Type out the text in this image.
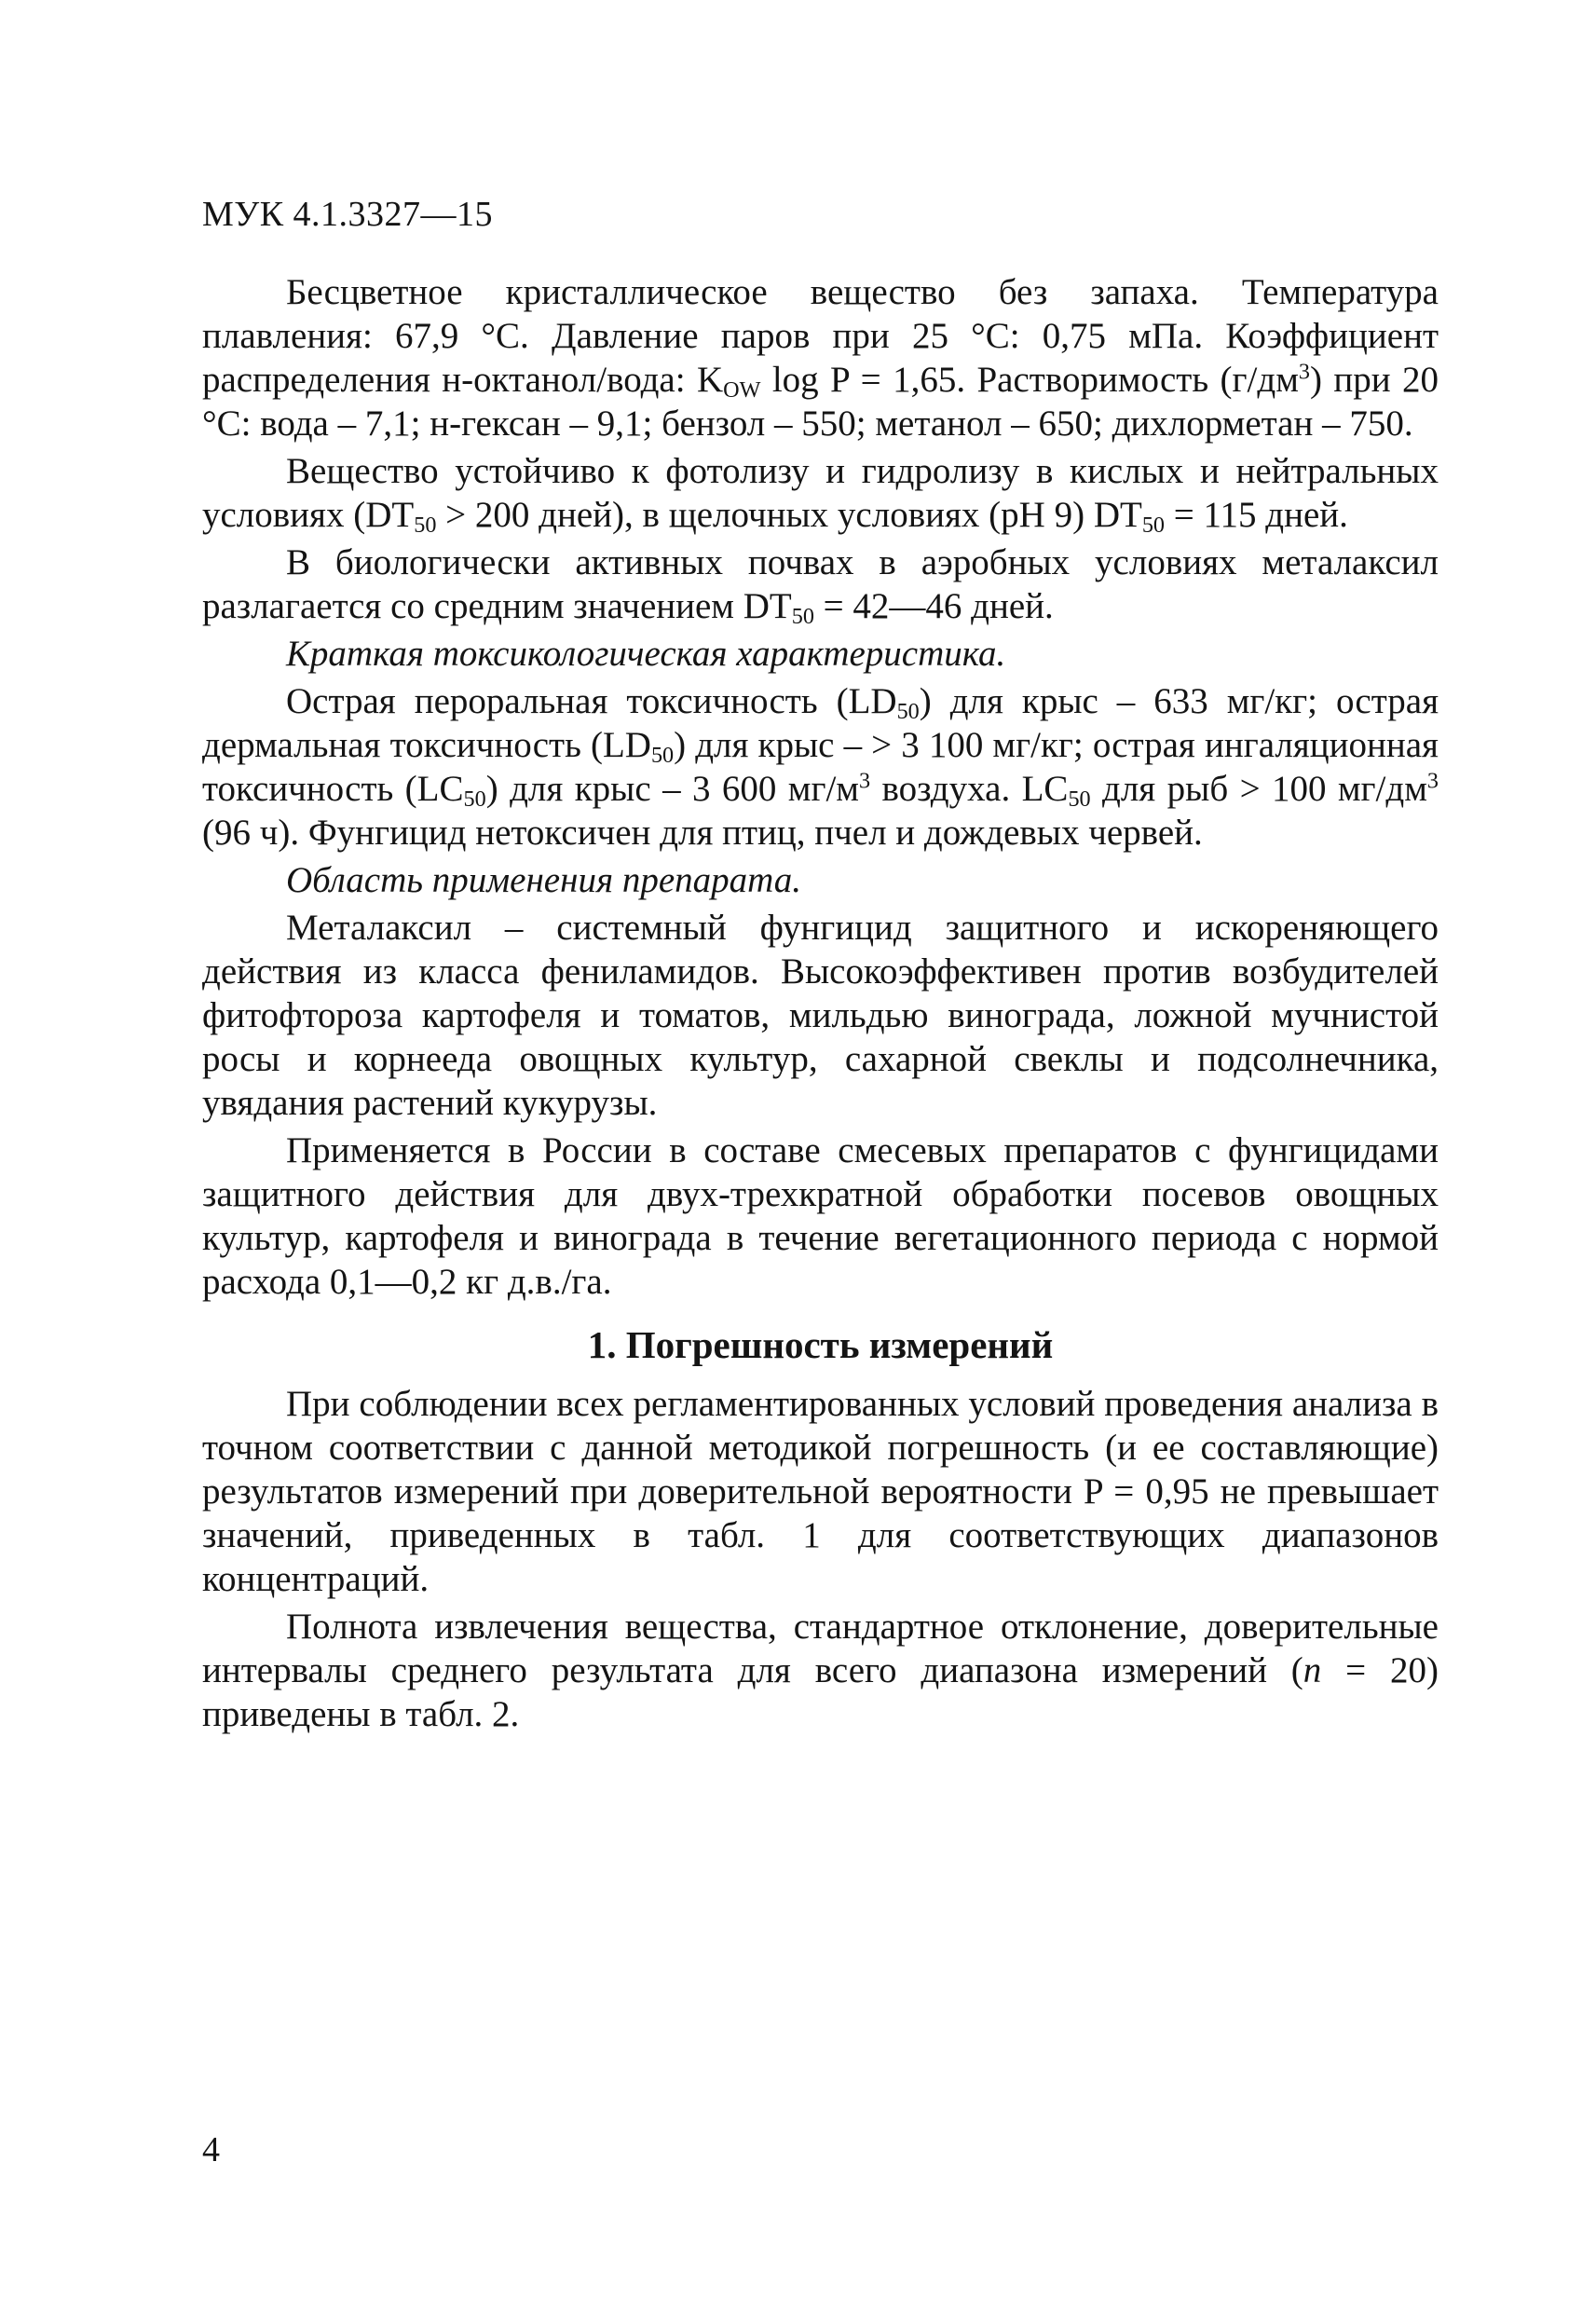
МУК 4.1.3327—15

Бесцветное кристаллическое вещество без запаха. Температура плавления: 67,9 °С. Давление паров при 25 °С: 0,75 мПа. Коэффициент распределения н-октанол/вода: $K_{OW}$ log P = 1,65. Растворимость $(г/дм^3)$ при 20 °С: вода – 7,1; н-гексан – 9,1; бензол – 550; метанол – 650; дихлорметан – 750.

Вещество устойчиво к фотолизу и гидролизу в кислых и нейтральных условиях ($DT_{50} > 200$ дней), в щелочных условиях (pH 9) $DT_{50} = 115$ дней.

В биологически активных почвах в аэробных условиях металаксил разлагается со средним значением $DT_{50}$ = 42—46 дней.

Краткая токсикологическая характеристика.

Острая пероральная токсичность $(LD_{50})$ для крыс – 633 мг/кг; острая дермальная токсичность $(LD_{50})$ для крыс – > 3 100 мг/кг; острая ингаляционная токсичность $(LC_{50})$ для крыс – 3 600 $мг/м^3$ воздуха. $LC_{50}$ для рыб > 100 $мг/дм^3$ (96 ч). Фунгицид нетоксичен для птиц, пчел и дождевых червей.

Область применения препарата.

Металаксил – системный фунгицид защитного и искореняющего действия из класса фениламидов. Высокоэффективен против возбудителей фитофтороза картофеля и томатов, мильдью винограда, ложной мучнистой росы и корнееда овощных культур, сахарной свеклы и подсолнечника, увядания растений кукурузы.

Применяется в России в составе смесевых препаратов с фунгицидами защитного действия для двух-трехкратной обработки посевов овощных культур, картофеля и винограда в течение вегетационного периода с нормой расхода 0,1—0,2 кг д.в./га.

1. Погрешность измерений

При соблюдении всех регламентированных условий проведения анализа в точном соответствии с данной методикой погрешность (и ее составляющие) результатов измерений при доверительной вероятности P = 0,95 не превышает значений, приведенных в табл. 1 для соответствующих диапазонов концентраций.

Полнота извлечения вещества, стандартное отклонение, доверительные интервалы среднего результата для всего диапазона измерений (n = 20) приведены в табл. 2.

4
